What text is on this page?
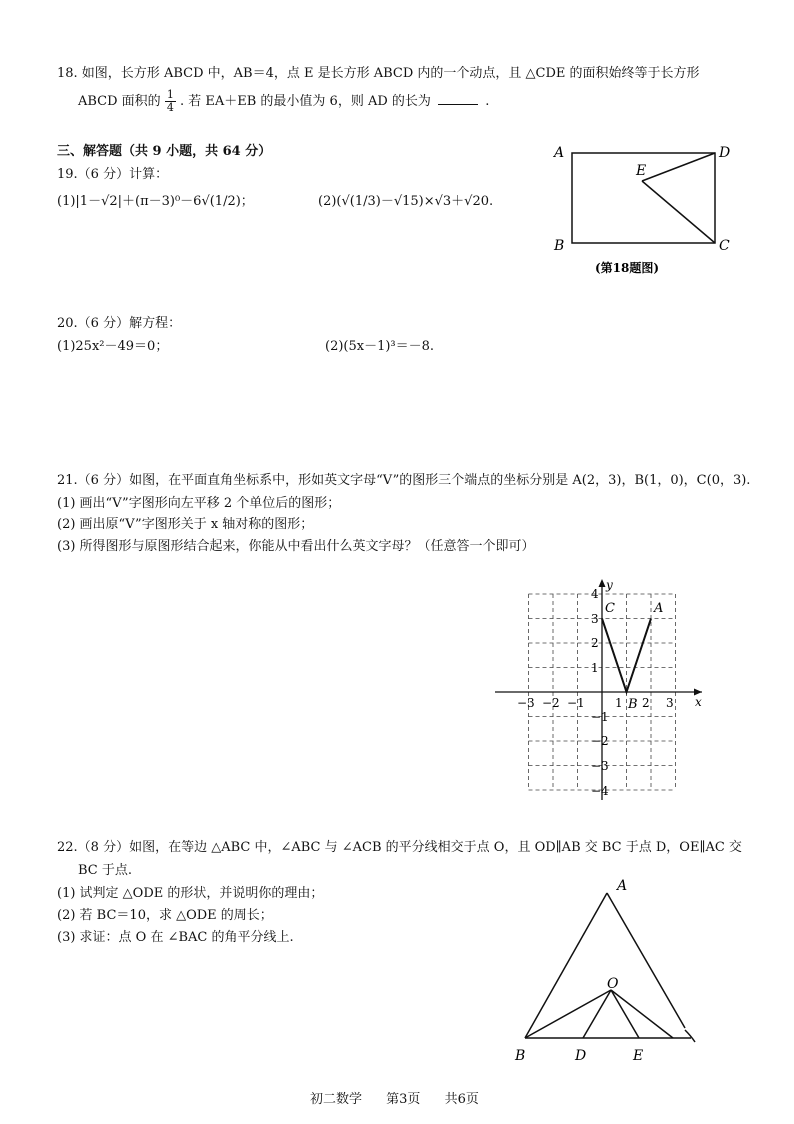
18. 如图，长方形 ABCD 中，AB＝4，点 E 是长方形 ABCD 内的一个动点，且 △CDE 的面积始终等于长方形
ABCD 面积的 $\frac{1}{4}$ . 若 EA＋EB 的最小值为 6，则 AD 的长为	.
三、解答题（共 9 小题，共 64 分）
19.（6 分）计算：
(1)|1－√2|＋(π－3)⁰－6√(1/2)；	(2)(√(1/3)－√15)×√3＋√20.
A
B	C
D
E
(第18题图)
20.（6 分）解方程：
(1)25x²－49＝0；	(2)(5x－1)³＝－8.
21.（6 分）如图，在平面直角坐标系中，形如英文字母“V”的图形三个端点的坐标分别是 A(2，3)，B(1，0)，C(0，3).
(1) 画出“V”字图形向左平移 2 个单位后的图形；
(2) 画出原“V”字图形关于 x 轴对称的图形；
(3) 所得图形与原图形结合起来，你能从中看出什么英文字母？（任意答一个即可）
x
y
−3 −2 −1	1 2 3
4
3
2
1
−1
−2
−3
−4
A
B
C
22.（8 分）如图，在等边 △ABC 中，∠ABC 与 ∠ACB 的平分线相交于点 O，且 OD∥AB 交 BC 于点 D，OE∥AC 交
BC 于点.
(1) 试判定 △ODE 的形状，并说明你的理由；
(2) 若 BC＝10，求 △ODE 的周长；
(3) 求证：点 O 在 ∠BAC 的角平分线上.
A
B	D	E
O
初二数学 第3页 共6页
